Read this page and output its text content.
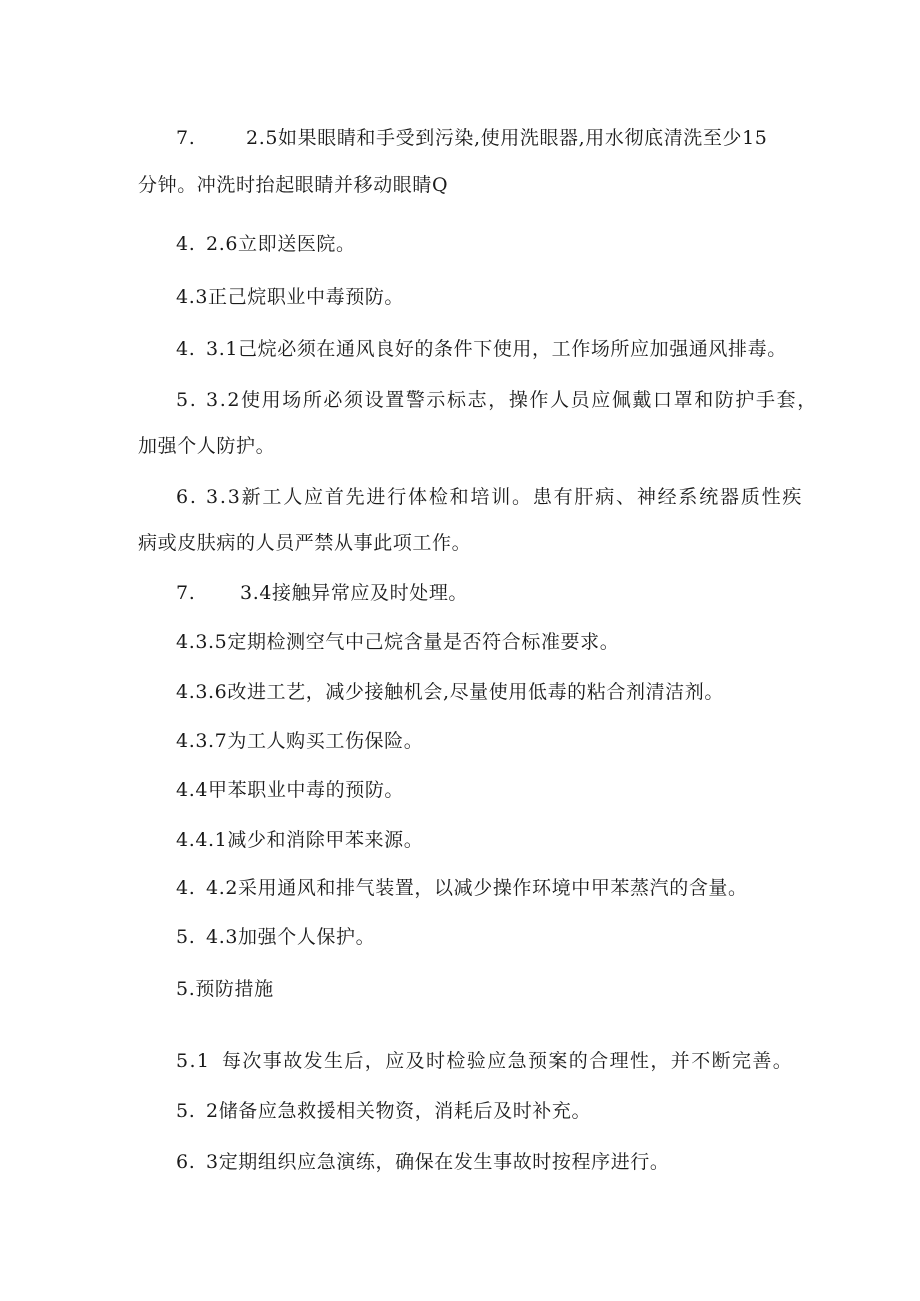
7.	2.5如果眼睛和手受到污染,使用洗眼器,用水彻底清洗至少15
分钟。冲洗时抬起眼睛并移动眼睛Q
4. 2.6立即送医院。
4.3正己烷职业中毒预防。
4. 3.1己烷必须在通风良好的条件下使用，工作场所应加强通风排毒。
5. 3.2使用场所必须设置警示标志，操作人员应佩戴口罩和防护手套，
加强个人防护。
6. 3.3新工人应首先进行体检和培训。患有肝病、神经系统器质性疾
病或皮肤病的人员严禁从事此项工作。
7. 3.4接触异常应及时处理。
4.3.5定期检测空气中己烷含量是否符合标准要求。
4.3.6改进工艺，减少接触机会,尽量使用低毒的粘合剂清洁剂。
4.3.7为工人购买工伤保险。
4.4甲苯职业中毒的预防。
4.4.1减少和消除甲苯来源。
4. 4.2采用通风和排气装置，以减少操作环境中甲苯蒸汽的含量。
5. 4.3加强个人保护。
5.预防措施
5.1 每次事故发生后，应及时检验应急预案的合理性，并不断完善。
5. 2储备应急救援相关物资，消耗后及时补充。
6. 3定期组织应急演练，确保在发生事故时按程序进行。
